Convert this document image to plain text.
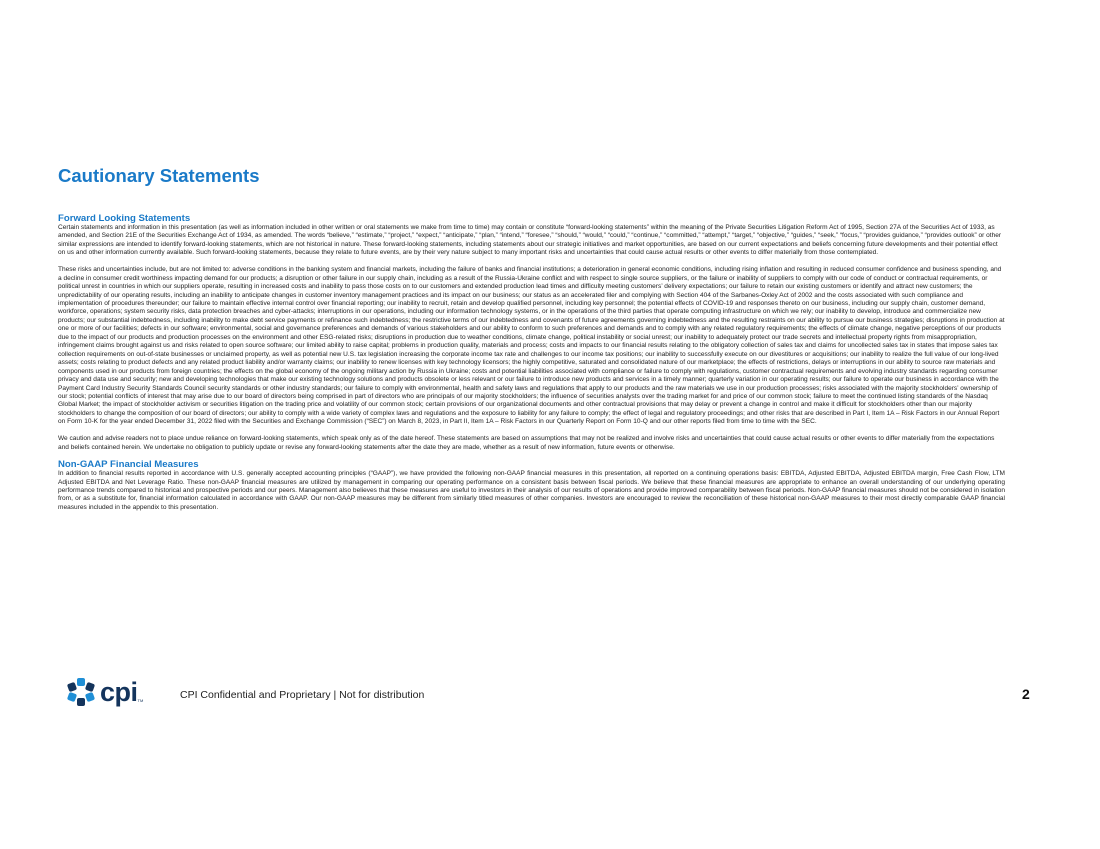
Cautionary Statements
Forward Looking Statements

Certain statements and information in this presentation (as well as information included in other written or oral statements we make from time to time) may contain or constitute “forward-looking statements” within the meaning of the Private Securities Litigation Reform Act of 1995, Section 27A of the Securities Act of 1933, as amended, and Section 21E of the Securities Exchange Act of 1934, as amended. The words “believe,” “estimate,” “project,” “expect,” “anticipate,” “plan,” “intend,” “foresee,” “should,” “would,” “could,” “continue,” “committed,” “attempt,” “target,” “objective,” “guides,” “seek,” “focus,” “provides guidance,” “provides outlook” or other similar expressions are intended to identify forward-looking statements, which are not historical in nature. These forward-looking statements, including statements about our strategic initiatives and market opportunities, are based on our current expectations and beliefs concerning future developments and their potential effect on us and other information currently available. Such forward-looking statements, because they relate to future events, are by their very nature subject to many important risks and uncertainties that could cause actual results or other events to differ materially from those contemplated.

These risks and uncertainties include, but are not limited to: adverse conditions in the banking system and financial markets, including the failure of banks and financial institutions; a deterioration in general economic conditions, including rising inflation and resulting in reduced consumer confidence and business spending, and a decline in consumer credit worthiness impacting demand for our products; a disruption or other failure in our supply chain, including as a result of the Russia-Ukraine conflict and with respect to single source suppliers, or the failure or inability of suppliers to comply with our code of conduct or contractual requirements, or political unrest in countries in which our suppliers operate, resulting in increased costs and inability to pass those costs on to our customers and extended production lead times and difficulty meeting customers’ delivery expectations; our failure to retain our existing customers or identify and attract new customers; the unpredictability of our operating results, including an inability to anticipate changes in customer inventory management practices and its impact on our business; our status as an accelerated filer and complying with Section 404 of the Sarbanes-Oxley Act of 2002 and the costs associated with such compliance and implementation of procedures thereunder; our failure to maintain effective internal control over financial reporting; our inability to recruit, retain and develop qualified personnel, including key personnel; the potential effects of COVID-19 and responses thereto on our business, including our supply chain, customer demand, workforce, operations; system security risks, data protection breaches and cyber-attacks; interruptions in our operations, including our information technology systems, or in the operations of the third parties that operate computing infrastructure on which we rely; our inability to develop, introduce and commercialize new products; our substantial indebtedness, including inability to make debt service payments or refinance such indebtedness; the restrictive terms of our indebtedness and covenants of future agreements governing indebtedness and the resulting restraints on our ability to pursue our business strategies; disruptions in production at one or more of our facilities; defects in our software; environmental, social and governance preferences and demands of various stakeholders and our ability to conform to such preferences and demands and to comply with any related regulatory requirements; the effects of climate change, negative perceptions of our products due to the impact of our products and production processes on the environment and other ESG-related risks; disruptions in production due to weather conditions, climate change, political instability or social unrest; our inability to adequately protect our trade secrets and intellectual property rights from misappropriation, infringement claims brought against us and risks related to open source software; our limited ability to raise capital; problems in production quality, materials and process; costs and impacts to our financial results relating to the obligatory collection of sales tax and claims for uncollected sales tax in states that impose sales tax collection requirements on out-of-state businesses or unclaimed property, as well as potential new U.S. tax legislation increasing the corporate income tax rate and challenges to our income tax positions; our inability to successfully execute on our divestitures or acquisitions; our inability to realize the full value of our long-lived assets; costs relating to product defects and any related product liability and/or warranty claims; our inability to renew licenses with key technology licensors; the highly competitive, saturated and consolidated nature of our marketplace; the effects of restrictions, delays or interruptions in our ability to source raw materials and components used in our products from foreign countries; the effects on the global economy of the ongoing military action by Russia in Ukraine; costs and potential liabilities associated with compliance or failure to comply with regulations, customer contractual requirements and evolving industry standards regarding consumer privacy and data use and security; new and developing technologies that make our existing technology solutions and products obsolete or less relevant or our failure to introduce new products and services in a timely manner; quarterly variation in our operating results; our failure to operate our business in accordance with the Payment Card Industry Security Standards Council security standards or other industry standards; our failure to comply with environmental, health and safety laws and regulations that apply to our products and the raw materials we use in our production processes; risks associated with the majority stockholders’ ownership of our stock; potential conflicts of interest that may arise due to our board of directors being comprised in part of directors who are principals of our majority stockholders; the influence of securities analysts over the trading market for and price of our common stock; failure to meet the continued listing standards of the Nasdaq Global Market; the impact of stockholder activism or securities litigation on the trading price and volatility of our common stock; certain provisions of our organizational documents and other contractual provisions that may delay or prevent a change in control and make it difficult for stockholders other than our majority stockholders to change the composition of our board of directors; our ability to comply with a wide variety of complex laws and regulations and the exposure to liability for any failure to comply; the effect of legal and regulatory proceedings; and other risks that are described in Part I, Item 1A – Risk Factors in our Annual Report on Form 10-K for the year ended December 31, 2022 filed with the Securities and Exchange Commission (“SEC”) on March 8, 2023, in Part II, Item 1A – Risk Factors in our Quarterly Report on Form 10-Q and our other reports filed from time to time with the SEC.

We caution and advise readers not to place undue reliance on forward-looking statements, which speak only as of the date hereof. These statements are based on assumptions that may not be realized and involve risks and uncertainties that could cause actual results or other events to differ materially from the expectations and beliefs contained herein. We undertake no obligation to publicly update or revise any forward-looking statements after the date they are made, whether as a result of new information, future events or otherwise.

Non-GAAP Financial Measures

In addition to financial results reported in accordance with U.S. generally accepted accounting principles (“GAAP”), we have provided the following non-GAAP financial measures in this presentation, all reported on a continuing operations basis: EBITDA, Adjusted EBITDA, Adjusted EBITDA margin, Free Cash Flow, LTM Adjusted EBITDA and Net Leverage Ratio. These non-GAAP financial measures are utilized by management in comparing our operating performance on a consistent basis between fiscal periods. We believe that these financial measures are appropriate to enhance an overall understanding of our underlying operating performance trends compared to historical and prospective periods and our peers. Management also believes that these measures are useful to investors in their analysis of our results of operations and provide improved comparability between fiscal periods. Non-GAAP financial measures should not be considered in isolation from, or as a substitute for, financial information calculated in accordance with GAAP. Our non-GAAP measures may be different from similarly titled measures of other companies. Investors are encouraged to review the reconciliation of these historical non-GAAP measures to their most directly comparable GAAP financial measures included in the appendix to this presentation.

cpi TM	CPI Confidential and Proprietary | Not for distribution	2
